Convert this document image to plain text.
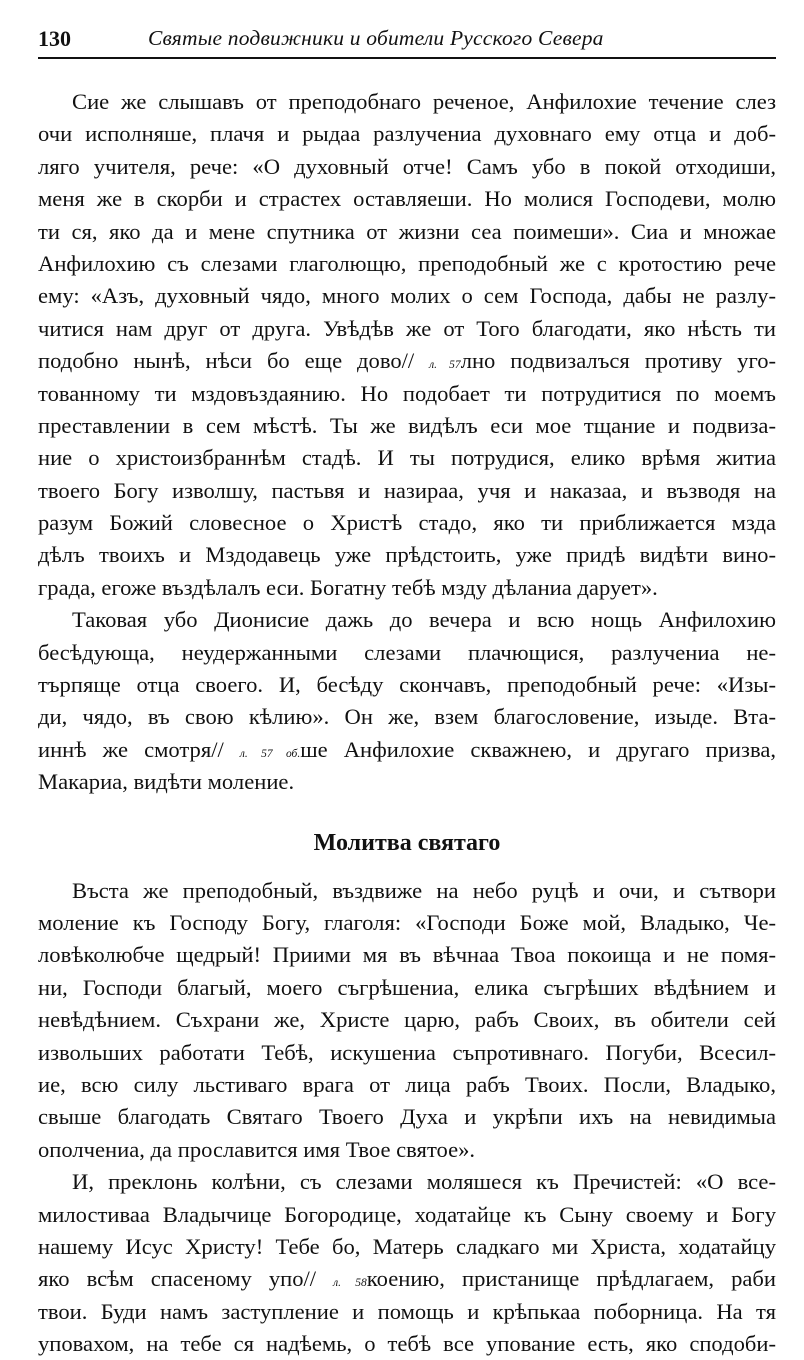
130	Святые подвижники и обители Русского Севера
Сие же слышавъ от преподобнаго реченое, Анфилохие течение слез
очи исполняше, плачя и рыдаа разлучениа духовнаго ему отца и доб-
ляго учителя, рече: «О духовный отче! Самъ убо в покой отходиши,
меня же в скорби и страстех оставляеши. Но молися Господеви, молю
ти ся, яко да и мене спутника от жизни сеа поимеши». Сиа и множае
Анфилохию съ слезами глаголющю, преподобный же с кротостию рече
ему: «Азъ, духовный чядо, много молих о сем Господа, дабы не разлу-
читися нам друг от друга. Увѣдѣв же от Того благодати, яко нѣсть ти
подобно нынѣ, нѣси бо еще дово// л. 57лно подвизалъся противу уго-
тованному ти мздовъздаянию. Но подобает ти потрудитися по моемъ
преставлении в сем мѣстѣ. Ты же видѣлъ еси мое тщание и подвиза-
ние о христоизбраннѣм стадѣ. И ты потрудися, елико врѣмя житиа
твоего Богу изволшу, пастьвя и назираа, учя и наказаа, и възводя на
разум Божий словесное о Христѣ стадо, яко ти приближается мзда
дѣлъ твоихъ и Мздодавець уже прѣдстоить, уже придѣ видѣти вино-
града, егоже въздѣлалъ еси. Богатну тебѣ мзду дѣланиа дарует».
Таковая убо Дионисие дажь до вечера и всю нощь Анфилохию
бесѣдующа, неудержанными слезами плачющися, разлучениа не-
търпяще отца своего. И, бесѣду скончавъ, преподобный рече: «Изы-
ди, чядо, въ свою кѣлию». Он же, взем благословение, изыде. Вта-
иннѣ же смотря// л. 57 об.ше Анфилохие скважнею, и другаго призва,
Макариа, видѣти моление.
Молитва святаго
Въста же преподобный, въздвиже на небо руцѣ и очи, и сътвори
моление къ Господу Богу, глаголя: «Господи Боже мой, Владыко, Че-
ловѣколюбче щедрый! Приими мя въ вѣчнаа Твоа покоища и не помя-
ни, Господи благый, моего съгрѣшениа, елика съгрѣших вѣдѣнием и
невѣдѣнием. Съхрани же, Христе царю, рабъ Своих, въ обители сей
извольших работати Тебѣ, искушениа съпротивнаго. Погуби, Всесил-
ие, всю силу льстиваго врага от лица рабъ Твоих. Посли, Владыко,
свыше благодать Святаго Твоего Духа и укрѣпи ихъ на невидимыа
ополчениа, да прославится имя Твое святое».
И, преклонь колѣни, съ слезами моляшеся къ Пречистей: «О все-
милостиваа Владычице Богородице, ходатайце къ Сыну своему и Богу
нашему Исус Христу! Тебе бо, Матерь сладкаго ми Христа, ходатайцу
яко всѣм спасеному упо// л. 58коению, пристанище прѣдлагаем, раби
твои. Буди намъ заступление и помощь и крѣпькаа поборница. На тя
уповахом, на тебе ся надѣемь, о тебѣ все упование есть, яко сподоби-
